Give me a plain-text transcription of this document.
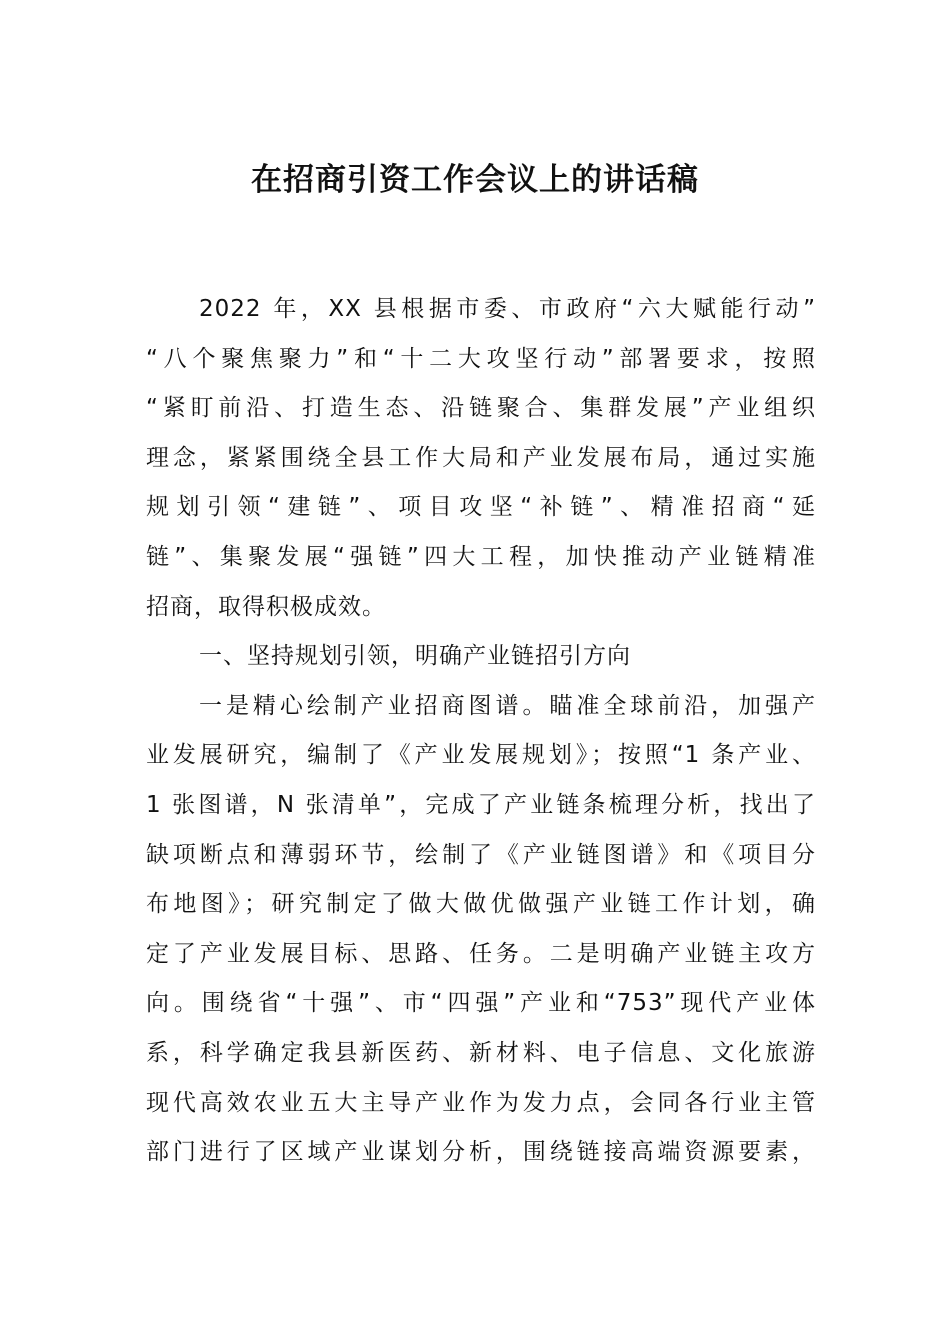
在招商引资工作会议上的讲话稿
2022 年，XX 县根据市委、市政府“六大赋能行动”
“八个聚焦聚力”和“十二大攻坚行动”部署要求，按照
“紧盯前沿、打造生态、沿链聚合、集群发展”产业组织
理念，紧紧围绕全县工作大局和产业发展布局，通过实施
规划引领“建链”、项目攻坚“补链”、精准招商“延
链”、集聚发展“强链”四大工程，加快推动产业链精准
招商，取得积极成效。
一、坚持规划引领，明确产业链招引方向
一是精心绘制产业招商图谱。瞄准全球前沿，加强产
业发展研究，编制了《产业发展规划》；按照“1 条产业、
1 张图谱，N 张清单”，完成了产业链条梳理分析，找出了
缺项断点和薄弱环节，绘制了《产业链图谱》和《项目分
布地图》；研究制定了做大做优做强产业链工作计划，确
定了产业发展目标、思路、任务。二是明确产业链主攻方
向。围绕省“十强”、市“四强”产业和“753”现代产业体
系，科学确定我县新医药、新材料、电子信息、文化旅游
现代高效农业五大主导产业作为发力点，会同各行业主管
部门进行了区域产业谋划分析，围绕链接高端资源要素，
